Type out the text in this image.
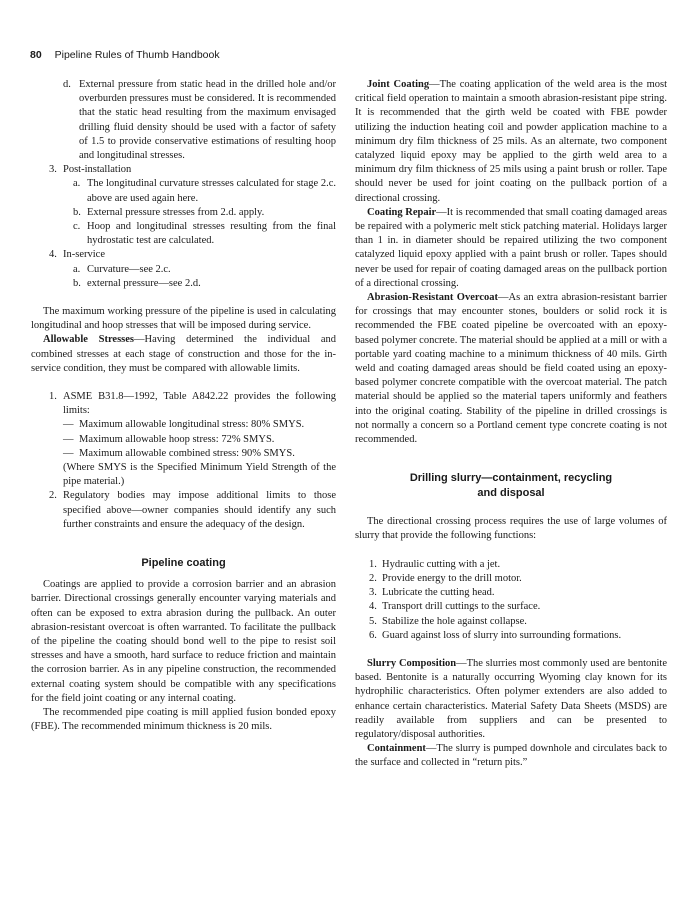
80 Pipeline Rules of Thumb Handbook
d. External pressure from static head in the drilled hole and/or overburden pressures must be considered. It is recommended that the static head resulting from the maximum envisaged drilling fluid density should be used with a factor of safety of 1.5 to provide conservative estimations of resulting hoop and longitudinal stresses.
3. Post-installation
a. The longitudinal curvature stresses calculated for stage 2.c. above are used again here.
b. External pressure stresses from 2.d. apply.
c. Hoop and longitudinal stresses resulting from the final hydrostatic test are calculated.
4. In-service
a. Curvature—see 2.c.
b. external pressure—see 2.d.

The maximum working pressure of the pipeline is used in calculating longitudinal and hoop stresses that will be imposed during service.

Allowable Stresses—Having determined the individual and combined stresses at each stage of construction and those for the in-service condition, they must be compared with allowable limits.

1. ASME B31.8—1992, Table A842.22 provides the following limits:
— Maximum allowable longitudinal stress: 80% SMYS.
— Maximum allowable hoop stress: 72% SMYS.
— Maximum allowable combined stress: 90% SMYS.
(Where SMYS is the Specified Minimum Yield Strength of the pipe material.)
2. Regulatory bodies may impose additional limits to those specified above—owner companies should identify any such further constraints and ensure the adequacy of the design.
Pipeline coating

Coatings are applied to provide a corrosion barrier and an abrasion barrier. Directional crossings generally encounter varying materials and often can be exposed to extra abrasion during the pullback. An outer abrasion-resistant overcoat is often warranted. To facilitate the pullback of the pipeline the coating should bond well to the pipe to resist soil stresses and have a smooth, hard surface to reduce friction and maintain the corrosion barrier. As in any pipeline construction, the recommended external coating system should be compatible with any specifications for the field joint coating or any internal coating.

The recommended pipe coating is mill applied fusion bonded epoxy (FBE). The recommended minimum thickness is 20 mils.

Joint Coating—The coating application of the weld area is the most critical field operation to maintain a smooth abrasion-resistant pipe string. It is recommended that the girth weld be coated with FBE powder utilizing the induction heating coil and powder application machine to a minimum dry film thickness of 25 mils. As an alternate, two component catalyzed liquid epoxy may be applied to the girth weld area to a minimum dry film thickness of 25 mils using a paint brush or roller. Tape should never be used for joint coating on the pullback portion of a directional crossing.

Coating Repair—It is recommended that small coating damaged areas be repaired with a polymeric melt stick patching material. Holidays larger than 1 in. in diameter should be repaired utilizing the two component catalyzed liquid epoxy applied with a paint brush or roller. Tapes should never be used for repair of coating damaged areas on the pullback portion of a directional crossing.

Abrasion-Resistant Overcoat—As an extra abrasion-resistant barrier for crossings that may encounter stones, boulders or solid rock it is recommended the FBE coated pipeline be overcoated with an epoxy-based polymer concrete. The material should be applied at a mill or with a portable yard coating machine to a minimum thickness of 40 mils. Girth weld and coating damaged areas should be field coated using an epoxy-based polymer concrete compatible with the overcoat material. The patch material should be applied so the material tapers uniformly and feathers into the original coating. Stability of the pipeline in drilled crossings is not normally a concern so a Portland cement type concrete coating is not recommended.

Drilling slurry—containment, recycling
and disposal

The directional crossing process requires the use of large volumes of slurry that provide the following functions:

1. Hydraulic cutting with a jet.
2. Provide energy to the drill motor.
3. Lubricate the cutting head.
4. Transport drill cuttings to the surface.
5. Stabilize the hole against collapse.
6. Guard against loss of slurry into surrounding formations.

Slurry Composition—The slurries most commonly used are bentonite based. Bentonite is a naturally occurring Wyoming clay known for its hydrophilic characteristics. Often polymer extenders are also added to enhance certain characteristics. Material Safety Data Sheets (MSDS) are readily available from suppliers and can be presented to regulatory/disposal authorities.

Containment—The slurry is pumped downhole and circulates back to the surface and collected in “return pits.”
